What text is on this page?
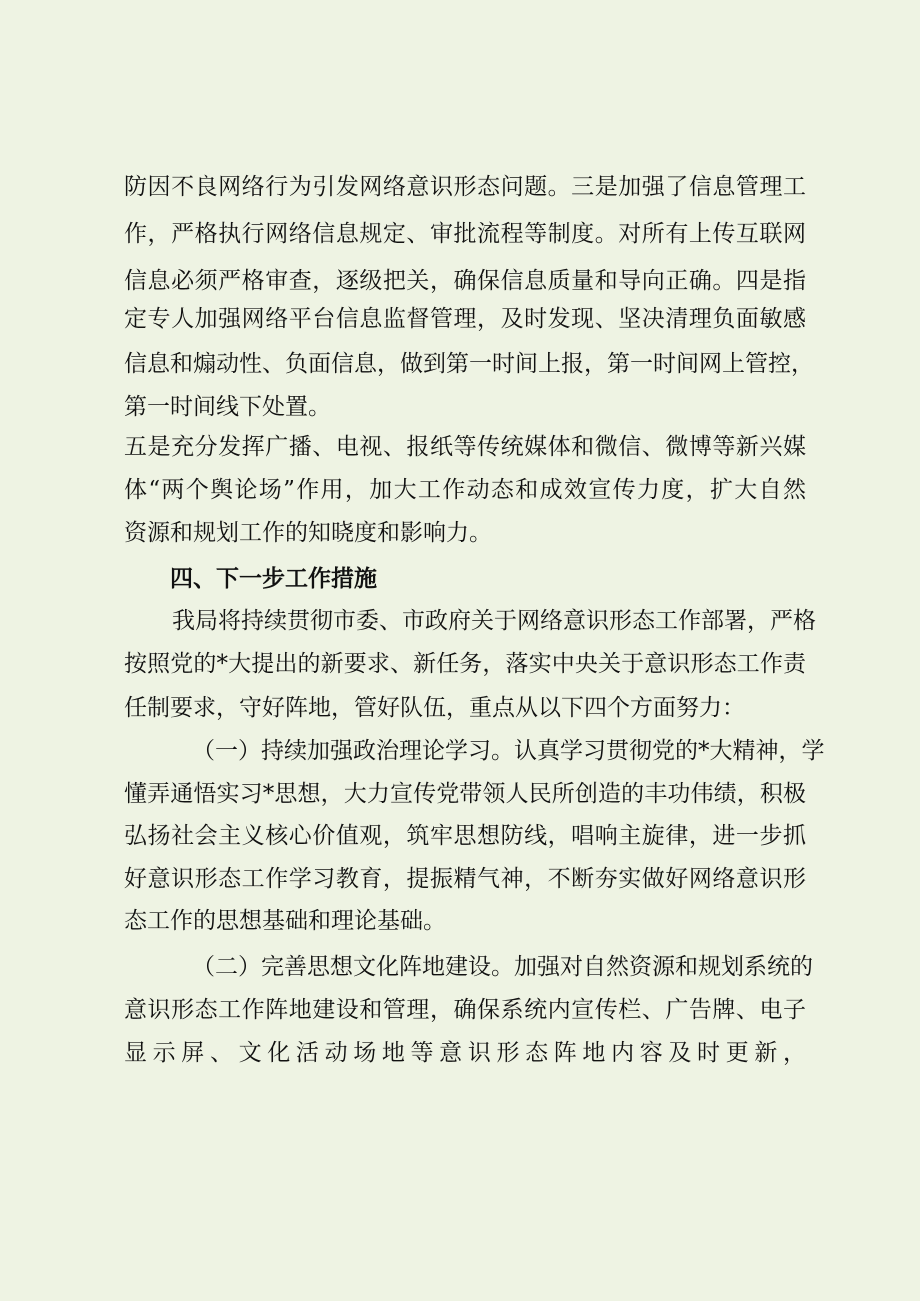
防因不良网络行为引发网络意识形态问题。三是加强了信息管理工
作，严格执行网络信息规定、审批流程等制度。对所有上传互联网
信息必须严格审查，逐级把关，确保信息质量和导向正确。四是指
定专人加强网络平台信息监督管理，及时发现、坚决清理负面敏感
信息和煽动性、负面信息，做到第一时间上报，第一时间网上管控，
第一时间线下处置。
五是充分发挥广播、电视、报纸等传统媒体和微信、微博等新兴媒
体“两个舆论场”作用，加大工作动态和成效宣传力度，扩大自然
资源和规划工作的知晓度和影响力。
四、下一步工作措施
我局将持续贯彻市委、市政府关于网络意识形态工作部署，严格
按照党的*大提出的新要求、新任务，落实中央关于意识形态工作责
任制要求，守好阵地，管好队伍，重点从以下四个方面努力：
（一）持续加强政治理论学习。认真学习贯彻党的*大精神，学
懂弄通悟实习*思想，大力宣传党带领人民所创造的丰功伟绩，积极
弘扬社会主义核心价值观，筑牢思想防线，唱响主旋律，进一步抓
好意识形态工作学习教育，提振精气神，不断夯实做好网络意识形
态工作的思想基础和理论基础。
（二）完善思想文化阵地建设。加强对自然资源和规划系统的
意识形态工作阵地建设和管理，确保系统内宣传栏、广告牌、电子
显示屏、文化活动场地等意识形态阵地内容及时更新，
